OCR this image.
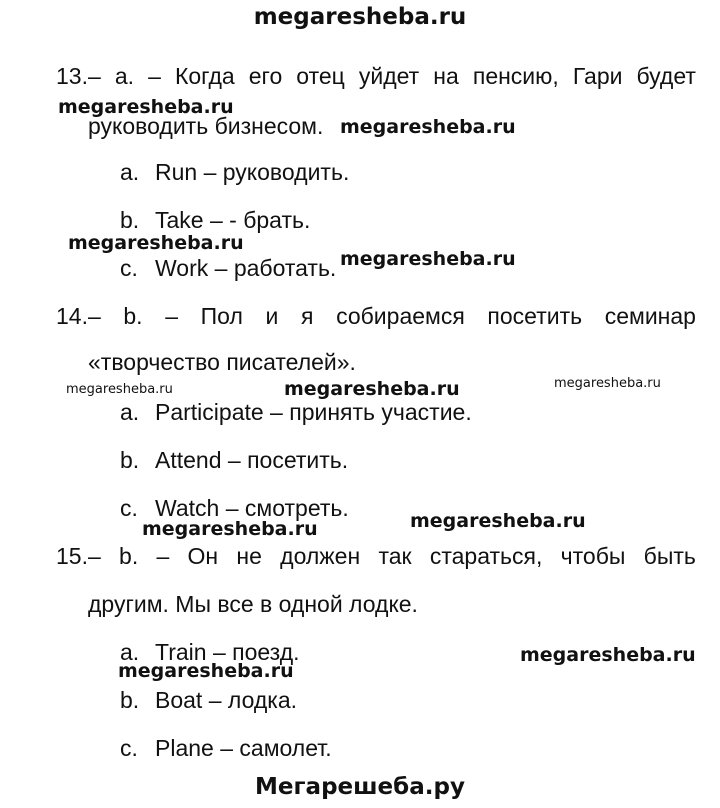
megaresheba.ru
13.– a. – Когда его отец уйдет на пенсию, Гари будет
megaresheba.ru
руководить бизнесом. megaresheba.ru
a. Run – руководить.
b. Take – - брать.
megaresheba.ru
c. Work – работать. megaresheba.ru
14.– b. – Пол и я собираемся посетить семинар
«творчество писателей».
megaresheba.ru	megaresheba.ru	megaresheba.ru
a. Participate – принять участие.
b. Attend – посетить.
c. Watch – смотреть.	megaresheba.ru
megaresheba.ru
15.– b. – Он не должен так стараться, чтобы быть
другим. Мы все в одной лодке.
a. Train – поезд.	megaresheba.ru
megaresheba.ru
b. Boat – лодка.
c. Plane – самолет.
Мегарешеба.ру
